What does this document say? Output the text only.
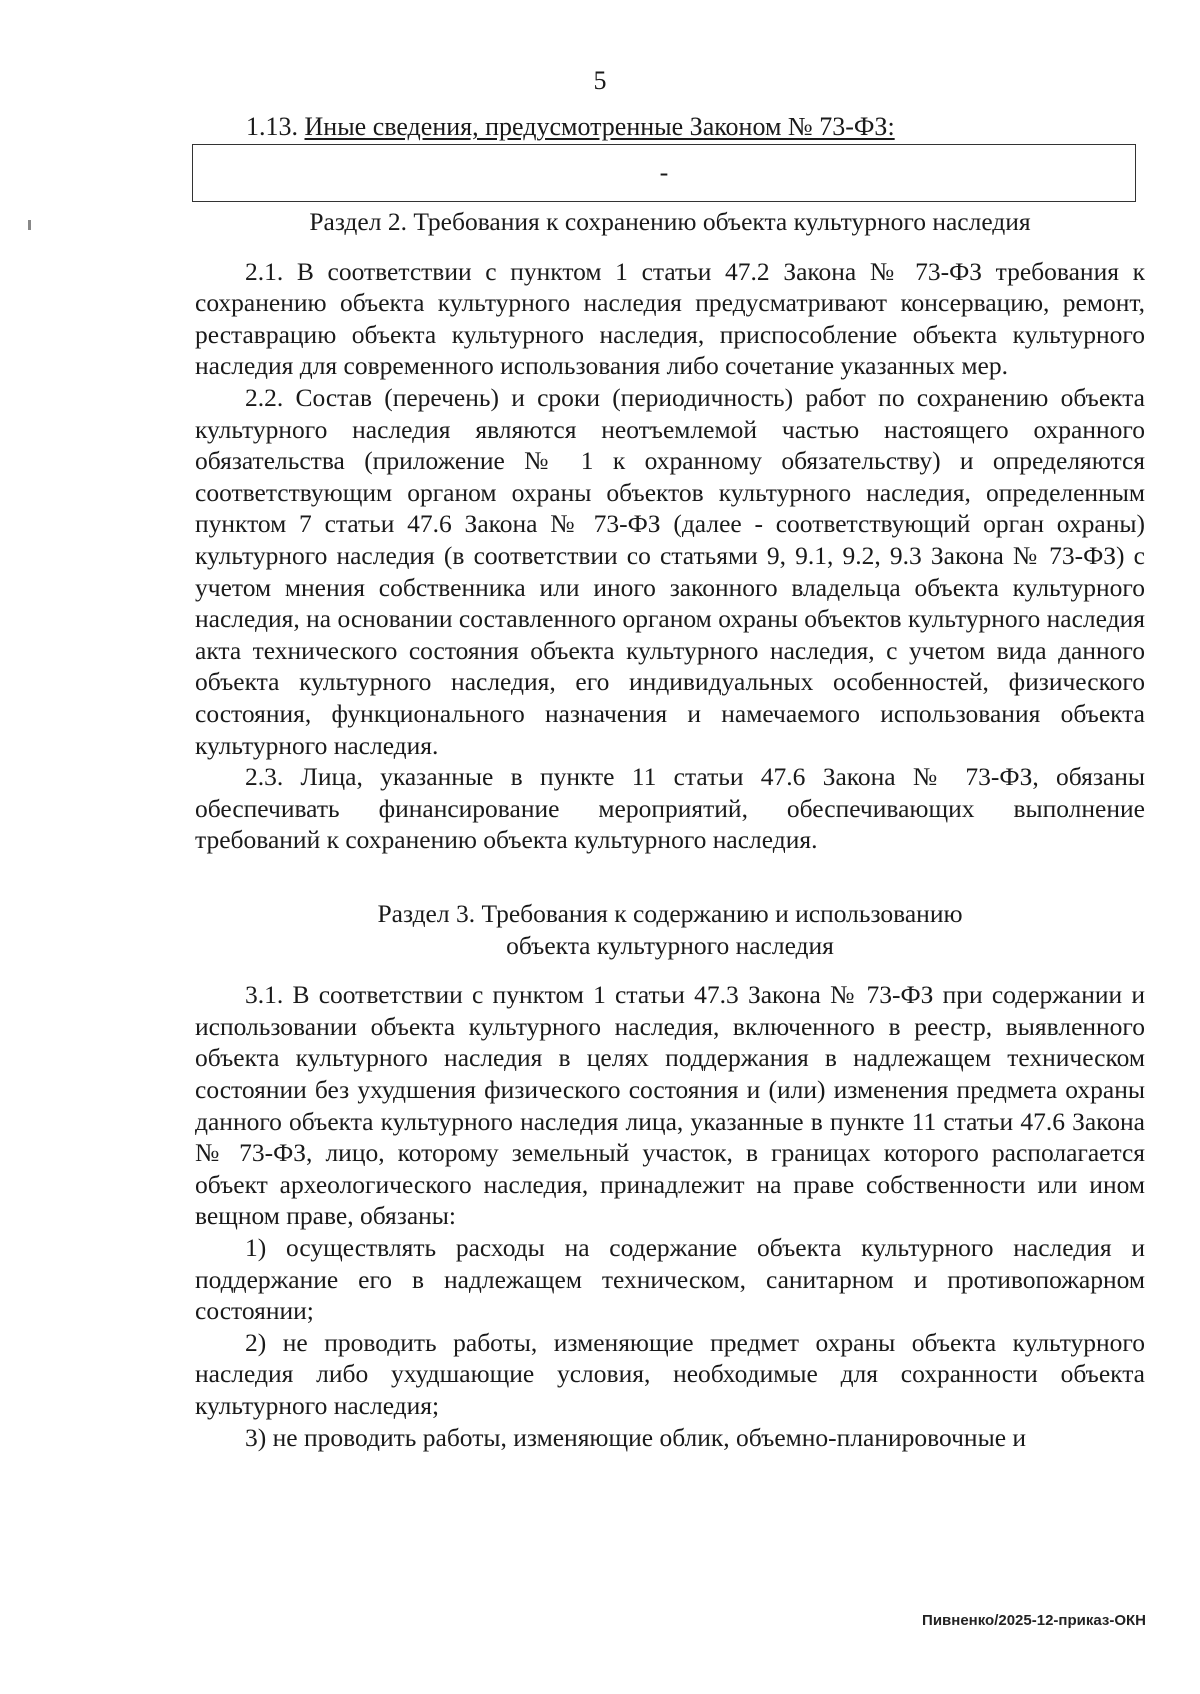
5
1.13. Иные сведения, предусмотренные Законом № 73-ФЗ:
-

Раздел 2. Требования к сохранению объекта культурного наследия

2.1. В соответствии с пунктом 1 статьи 47.2 Закона № 73-ФЗ требования к сохранению объекта культурного наследия предусматривают консервацию, ремонт, реставрацию объекта культурного наследия, приспособление объекта культурного наследия для современного использования либо сочетание указанных мер.

2.2. Состав (перечень) и сроки (периодичность) работ по сохранению объекта культурного наследия являются неотъемлемой частью настоящего охранного обязательства (приложение № 1 к охранному обязательству) и определяются соответствующим органом охраны объектов культурного наследия, определенным пунктом 7 статьи 47.6 Закона № 73-ФЗ (далее - соответствующий орган охраны) культурного наследия (в соответствии со статьями 9, 9.1, 9.2, 9.3 Закона № 73-ФЗ) с учетом мнения собственника или иного законного владельца объекта культурного наследия, на основании составленного органом охраны объектов культурного наследия акта технического состояния объекта культурного наследия, с учетом вида данного объекта культурного наследия, его индивидуальных особенностей, физического состояния, функционального назначения и намечаемого использования объекта культурного наследия.

2.3. Лица, указанные в пункте 11 статьи 47.6 Закона № 73-ФЗ, обязаны обеспечивать финансирование мероприятий, обеспечивающих выполнение требований к сохранению объекта культурного наследия.

Раздел 3. Требования к содержанию и использованию

объекта культурного наследия

3.1. В соответствии с пунктом 1 статьи 47.3 Закона № 73-ФЗ при содержании и использовании объекта культурного наследия, включенного в реестр, выявленного объекта культурного наследия в целях поддержания в надлежащем техническом состоянии без ухудшения физического состояния и (или) изменения предмета охраны данного объекта культурного наследия лица, указанные в пункте 11 статьи 47.6 Закона № 73-ФЗ, лицо, которому земельный участок, в границах которого располагается объект археологического наследия, принадлежит на праве собственности или ином вещном праве, обязаны:

1) осуществлять расходы на содержание объекта культурного наследия и поддержание его в надлежащем техническом, санитарном и противопожарном состоянии;

2) не проводить работы, изменяющие предмет охраны объекта культурного наследия либо ухудшающие условия, необходимые для сохранности объекта культурного наследия;

3) не проводить работы, изменяющие облик, объемно-планировочные и

Пивненко/2025-12-приказ-ОКН
